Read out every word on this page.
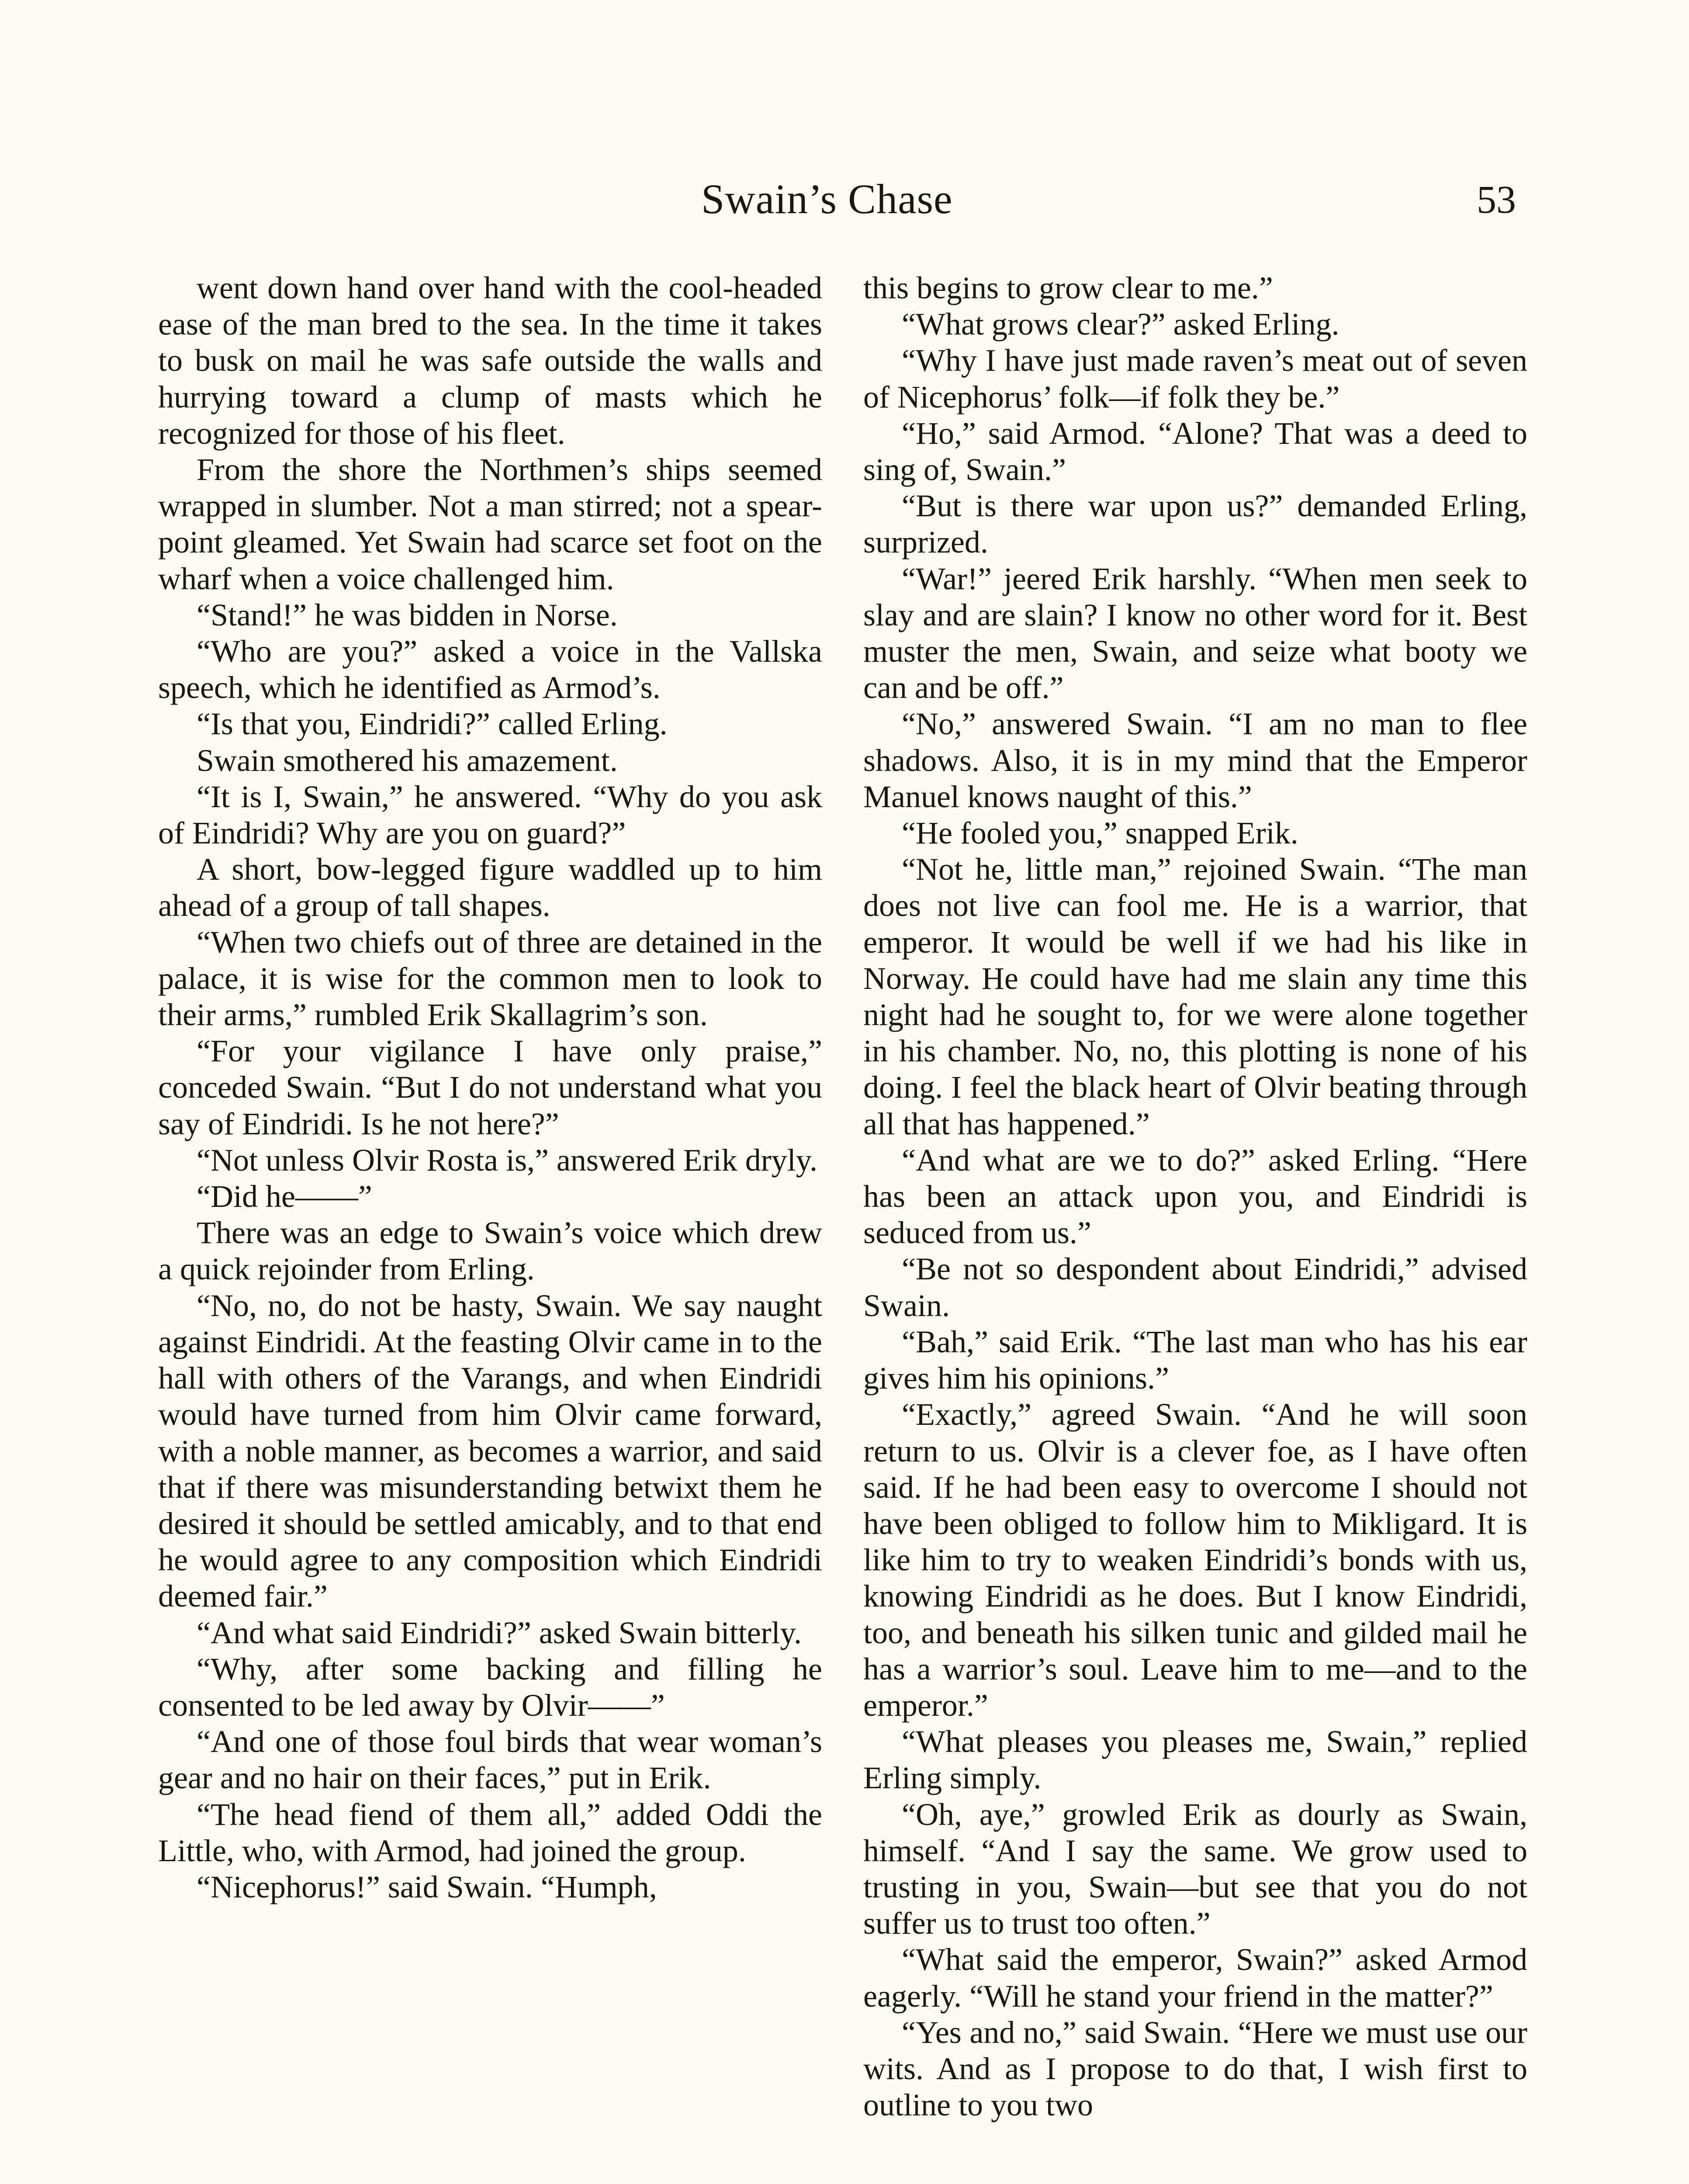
Swain’s Chase	53

went down hand over hand with the cool-headed ease of the man bred to the sea. In the time it takes to busk on mail he was safe outside the walls and hurrying toward a clump of masts which he recognized for those of his fleet.

From the shore the Northmen’s ships seemed wrapped in slumber. Not a man stirred; not a spear-point gleamed. Yet Swain had scarce set foot on the wharf when a voice challenged him.

“Stand!” he was bidden in Norse.

“Who are you?” asked a voice in the Vallska speech, which he identified as Armod’s.

“Is that you, Eindridi?” called Erling.

Swain smothered his amazement.

“It is I, Swain,” he answered. “Why do you ask of Eindridi? Why are you on guard?”

A short, bow-legged figure waddled up to him ahead of a group of tall shapes.

“When two chiefs out of three are detained in the palace, it is wise for the common men to look to their arms,” rumbled Erik Skallagrim’s son.

“For your vigilance I have only praise,” conceded Swain. “But I do not understand what you say of Eindridi. Is he not here?”

“Not unless Olvir Rosta is,” answered Erik dryly.

“Did he——”

There was an edge to Swain’s voice which drew a quick rejoinder from Erling.

“No, no, do not be hasty, Swain. We say naught against Eindridi. At the feasting Olvir came in to the hall with others of the Varangs, and when Eindridi would have turned from him Olvir came forward, with a noble manner, as becomes a warrior, and said that if there was misunderstanding betwixt them he desired it should be settled amicably, and to that end he would agree to any composition which Eindridi deemed fair.”

“And what said Eindridi?” asked Swain bitterly.

“Why, after some backing and filling he consented to be led away by Olvir——”

“And one of those foul birds that wear woman’s gear and no hair on their faces,” put in Erik.

“The head fiend of them all,” added Oddi the Little, who, with Armod, had joined the group.

“Nicephorus!” said Swain. “Humph,

this begins to grow clear to me.”

“What grows clear?” asked Erling.

“Why I have just made raven’s meat out of seven of Nicephorus’ folk—if folk they be.”

“Ho,” said Armod. “Alone? That was a deed to sing of, Swain.”

“But is there war upon us?” demanded Erling, surprized.

“War!” jeered Erik harshly. “When men seek to slay and are slain? I know no other word for it. Best muster the men, Swain, and seize what booty we can and be off.”

“No,” answered Swain. “I am no man to flee shadows. Also, it is in my mind that the Emperor Manuel knows naught of this.”

“He fooled you,” snapped Erik.

“Not he, little man,” rejoined Swain. “The man does not live can fool me. He is a warrior, that emperor. It would be well if we had his like in Norway. He could have had me slain any time this night had he sought to, for we were alone together in his chamber. No, no, this plotting is none of his doing. I feel the black heart of Olvir beating through all that has happened.”

“And what are we to do?” asked Erling. “Here has been an attack upon you, and Eindridi is seduced from us.”

“Be not so despondent about Eindridi,” advised Swain.

“Bah,” said Erik. “The last man who has his ear gives him his opinions.”

“Exactly,” agreed Swain. “And he will soon return to us. Olvir is a clever foe, as I have often said. If he had been easy to overcome I should not have been obliged to follow him to Mikligard. It is like him to try to weaken Eindridi’s bonds with us, knowing Eindridi as he does. But I know Eindridi, too, and beneath his silken tunic and gilded mail he has a warrior’s soul. Leave him to me—and to the emperor.”

“What pleases you pleases me, Swain,” replied Erling simply.

“Oh, aye,” growled Erik as dourly as Swain, himself. “And I say the same. We grow used to trusting in you, Swain—but see that you do not suffer us to trust too often.”

“What said the emperor, Swain?” asked Armod eagerly. “Will he stand your friend in the matter?”

“Yes and no,” said Swain. “Here we must use our wits. And as I propose to do that, I wish first to outline to you two
